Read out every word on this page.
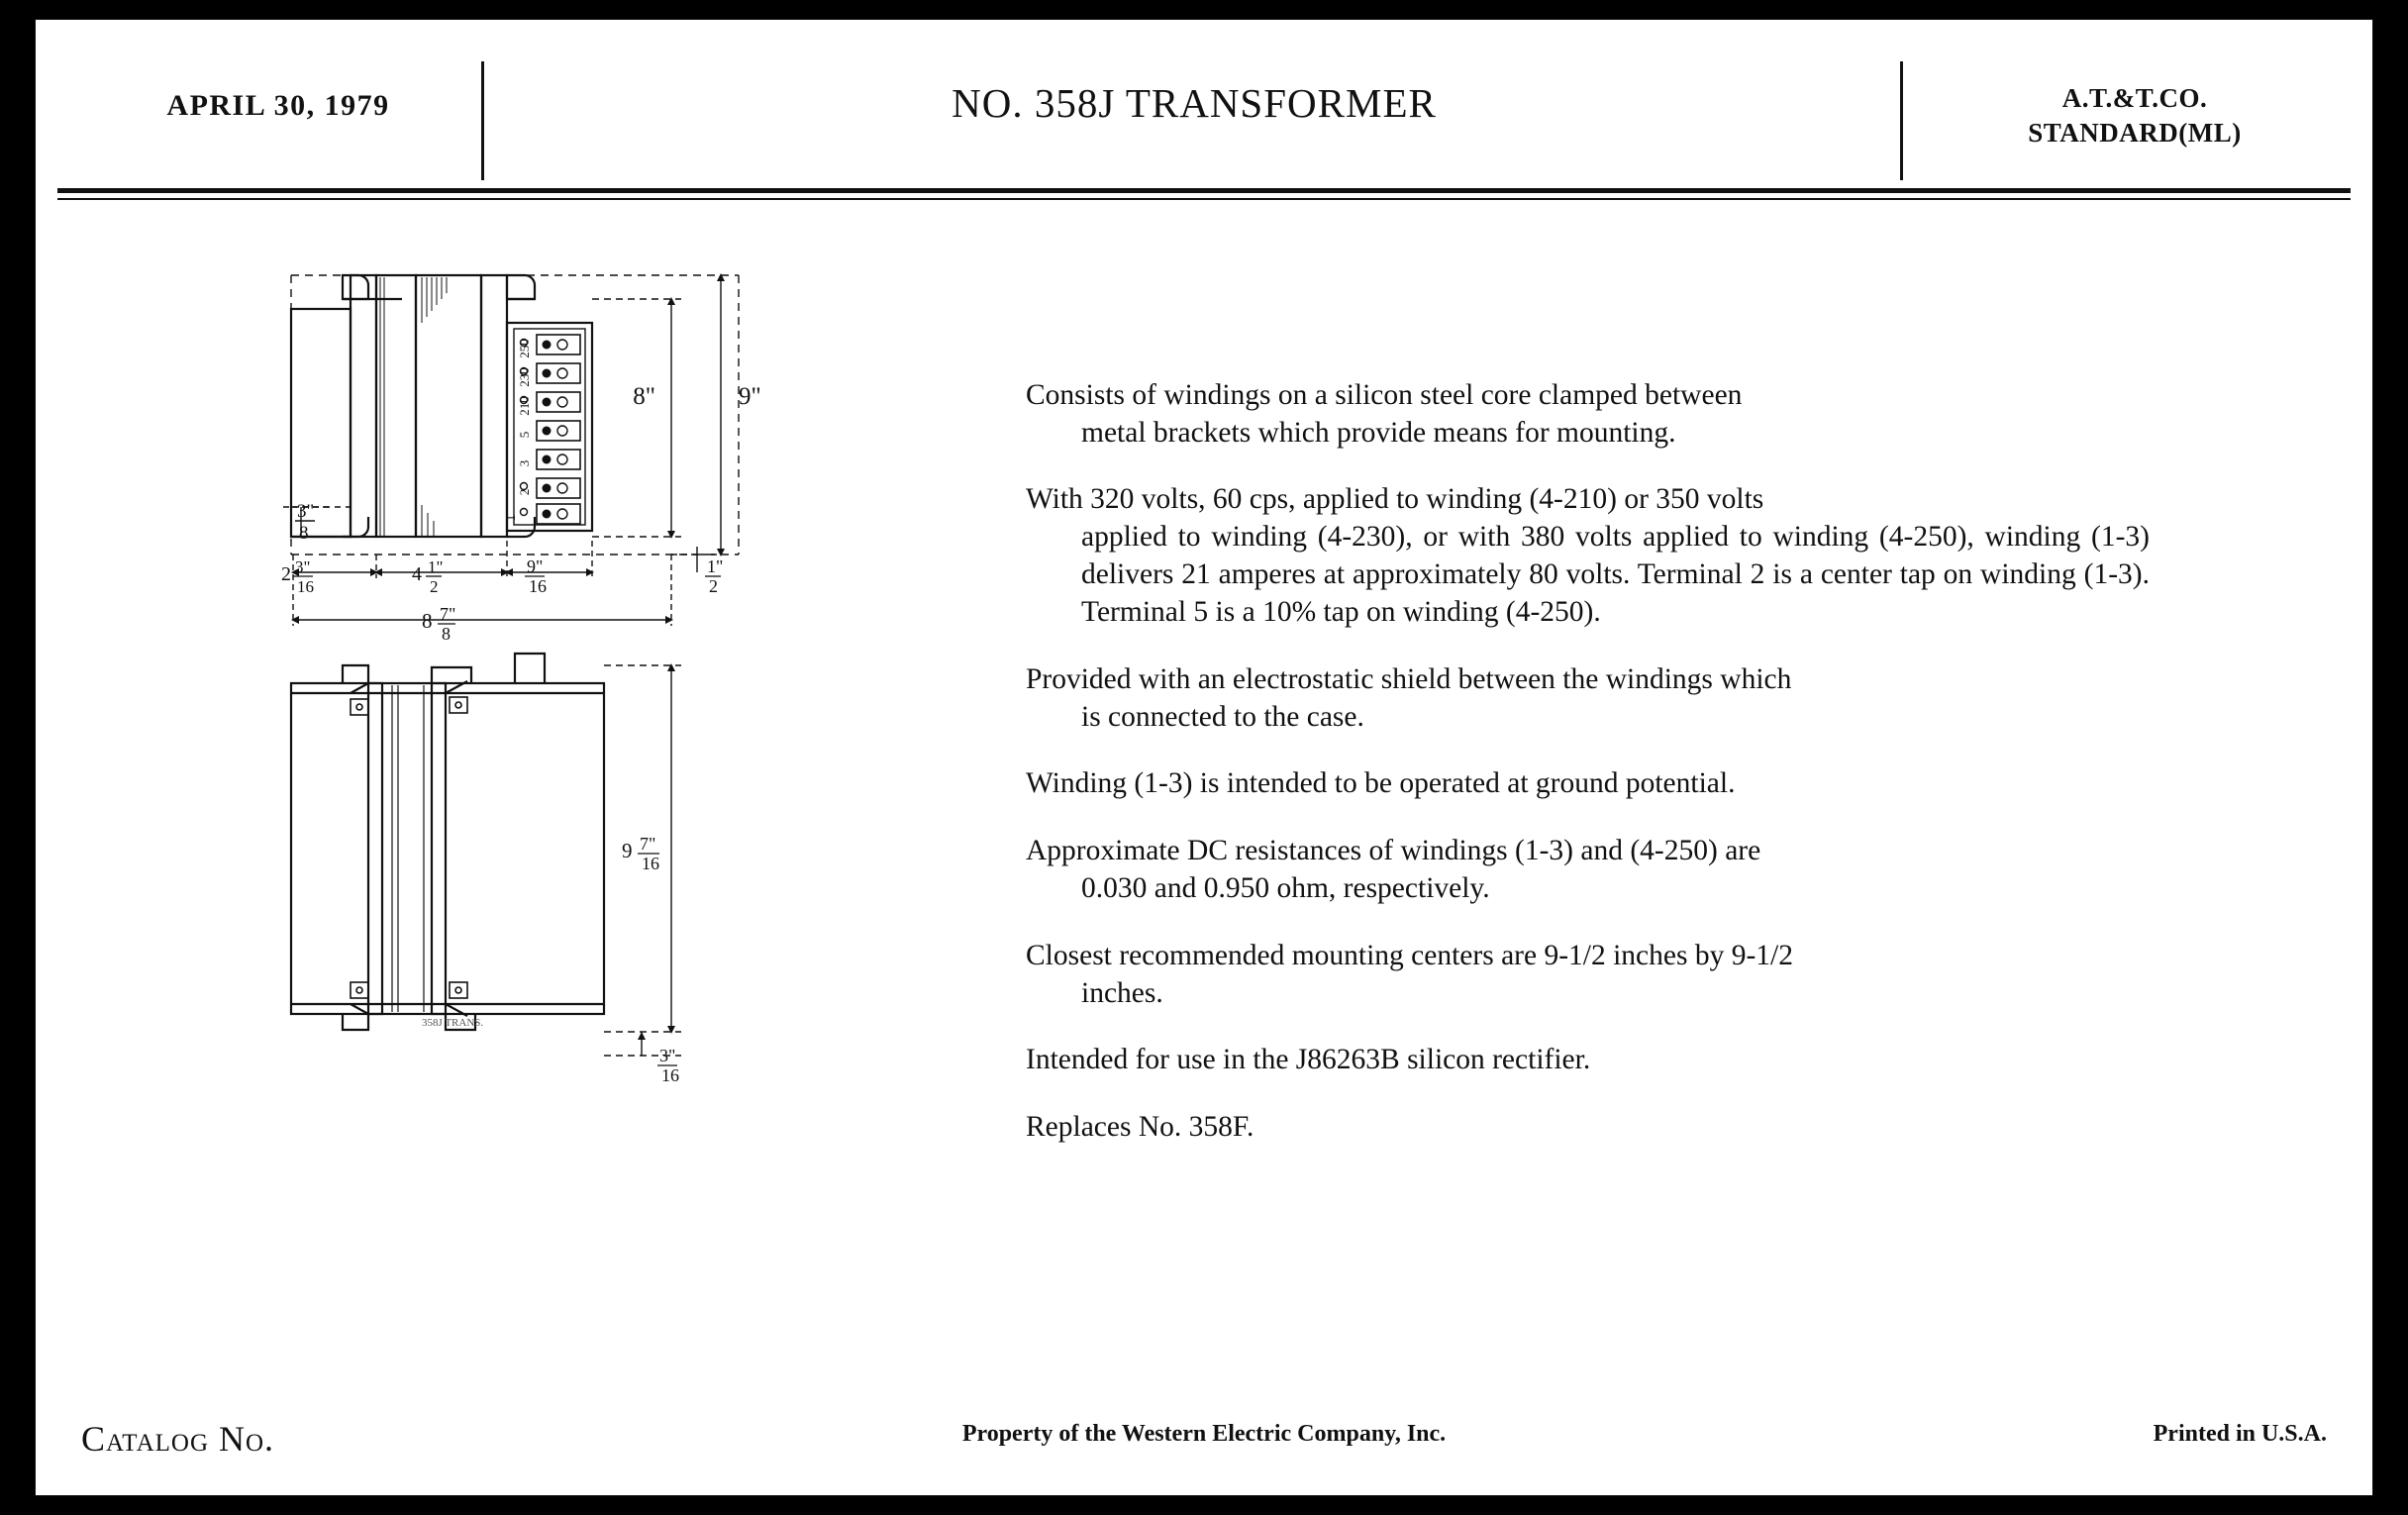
APRIL 30, 1979	NO. 358J TRANSFORMER	A.T.&T.CO.
STANDARD(ML)
250
230
210
5
3
2
1
8"	9"
3"
8
2 3"
16
4 1"
2
9"
16
1"
2
8 7"
8
9 7"
16
3"
16
358J TRANS.

Consists of windings on a silicon steel core clamped between
metal brackets which provide means for mounting.

With 320 volts, 60 cps, applied to winding (4-210) or 350 volts
applied to winding (4-230), or with 380 volts applied to winding (4-250), winding (1-3) delivers 21 amperes at approximately 80 volts. Terminal 2 is a center tap on winding (1-3). Terminal 5 is a 10% tap on winding (4-250).

Provided with an electrostatic shield between the windings which
is connected to the case.

Winding (1-3) is intended to be operated at ground potential.

Approximate DC resistances of windings (1-3) and (4-250) are
0.030 and 0.950 ohm, respectively.

Closest recommended mounting centers are 9-1/2 inches by 9-1/2
inches.

Intended for use in the J86263B silicon rectifier.

Replaces No. 358F.

Catalog No.	Property of the Western Electric Company, Inc.	Printed in U.S.A.
